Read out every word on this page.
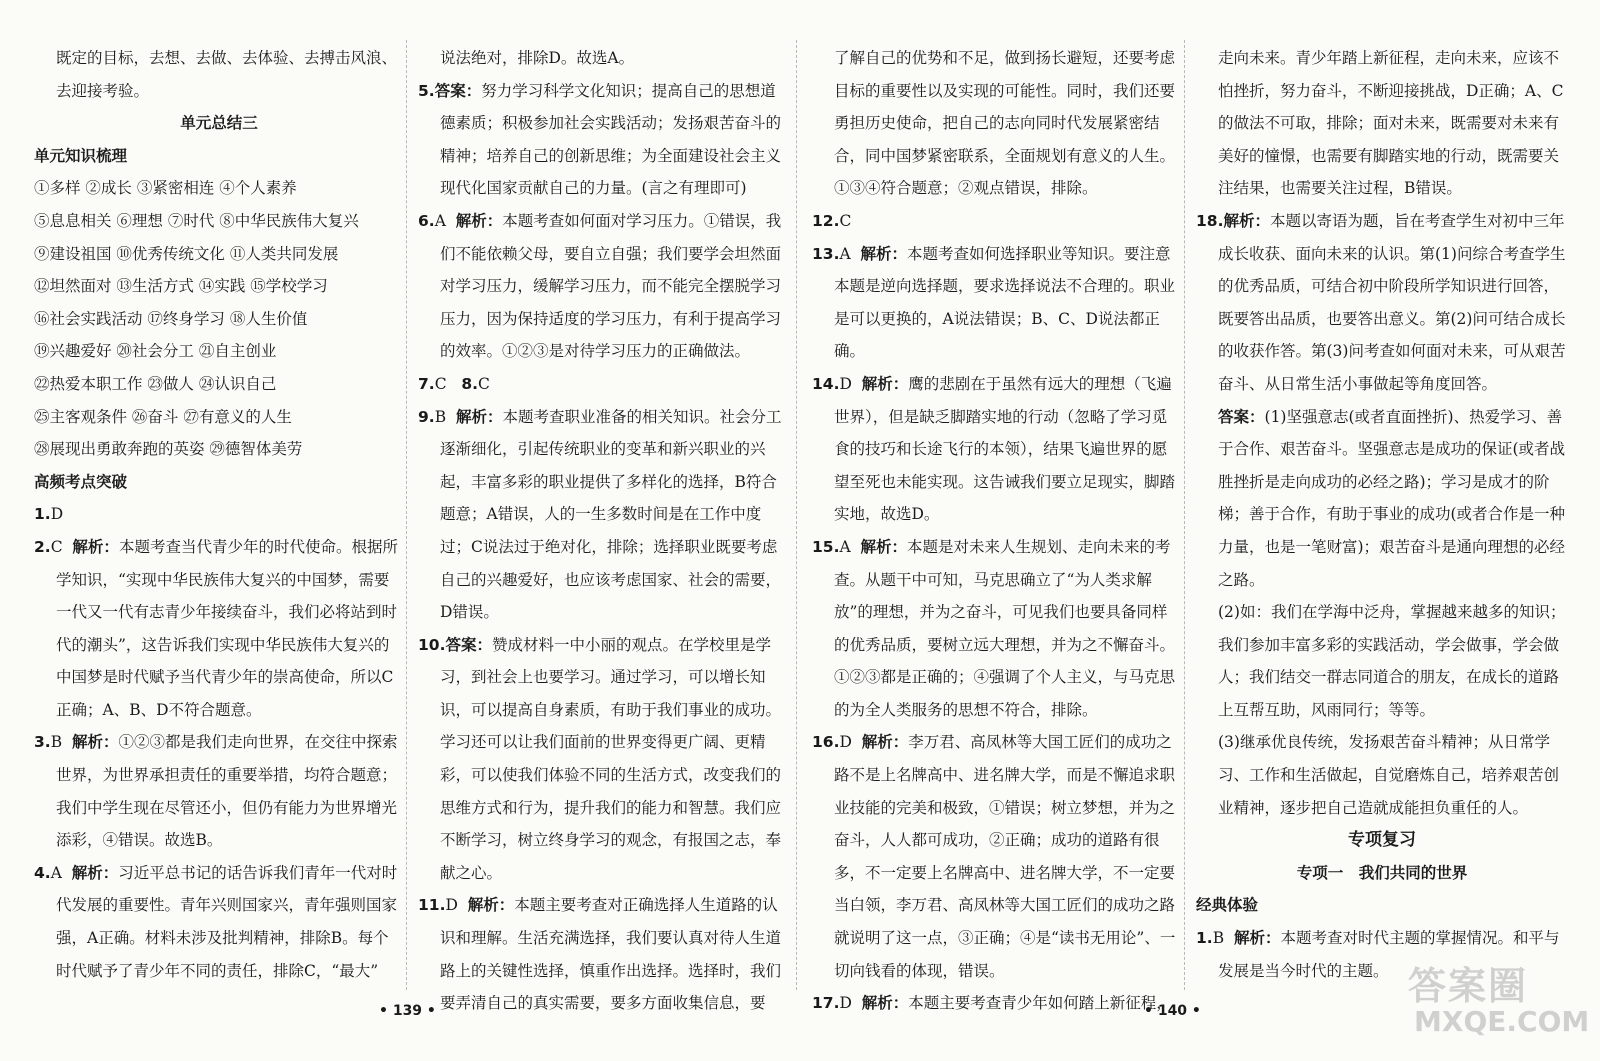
既定的目标，去想、去做、去体验、去搏击风浪、去迎接考验。

单元总结三

单元知识梳理

①多样 ②成长 ③紧密相连 ④个人素养

⑤息息相关 ⑥理想 ⑦时代 ⑧中华民族伟大复兴

⑨建设祖国 ⑩优秀传统文化 ⑪人类共同发展

⑫坦然面对 ⑬生活方式 ⑭实践 ⑮学校学习

⑯社会实践活动 ⑰终身学习 ⑱人生价值

⑲兴趣爱好 ⑳社会分工 ㉑自主创业

㉒热爱本职工作 ㉓做人 ㉔认识自己

㉕主客观条件 ㉖奋斗 ㉗有意义的人生

㉘展现出勇敢奔跑的英姿 ㉙德智体美劳

高频考点突破

1.D

2.C 解析：本题考查当代青少年的时代使命。根据所学知识，“实现中华民族伟大复兴的中国梦，需要一代又一代有志青少年接续奋斗，我们必将站到时代的潮头”，这告诉我们实现中华民族伟大复兴的中国梦是时代赋予当代青少年的崇高使命，所以C正确；A、B、D不符合题意。

3.B 解析：①②③都是我们走向世界，在交往中探索世界，为世界承担责任的重要举措，均符合题意；我们中学生现在尽管还小，但仍有能力为世界增光添彩，④错误。故选B。

4.A 解析：习近平总书记的话告诉我们青年一代对时代发展的重要性。青年兴则国家兴，青年强则国家强，A正确。材料未涉及批判精神，排除B。每个时代赋予了青少年不同的责任，排除C，“最大”

说法绝对，排除D。故选A。

5.答案：努力学习科学文化知识；提高自己的思想道德素质；积极参加社会实践活动；发扬艰苦奋斗的精神；培养自己的创新思维；为全面建设社会主义现代化国家贡献自己的力量。(言之有理即可)

6.A 解析：本题考查如何面对学习压力。①错误，我们不能依赖父母，要自立自强；我们要学会坦然面对学习压力，缓解学习压力，而不能完全摆脱学习压力，因为保持适度的学习压力，有利于提高学习的效率。①②③是对待学习压力的正确做法。

7.C 8.C

9.B 解析：本题考查职业准备的相关知识。社会分工逐渐细化，引起传统职业的变革和新兴职业的兴起，丰富多彩的职业提供了多样化的选择，B符合题意；A错误，人的一生多数时间是在工作中度过；C说法过于绝对化，排除；选择职业既要考虑自己的兴趣爱好，也应该考虑国家、社会的需要，D错误。

10.答案：赞成材料一中小丽的观点。在学校里是学习，到社会上也要学习。通过学习，可以增长知识，可以提高自身素质，有助于我们事业的成功。学习还可以让我们面前的世界变得更广阔、更精彩，可以使我们体验不同的生活方式，改变我们的思维方式和行为，提升我们的能力和智慧。我们应不断学习，树立终身学习的观念，有报国之志，奉献之心。

11.D 解析：本题主要考查对正确选择人生道路的认识和理解。生活充满选择，我们要认真对待人生道路上的关键性选择，慎重作出选择。选择时，我们要弄清自己的真实需要，要多方面收集信息，要

了解自己的优势和不足，做到扬长避短，还要考虑目标的重要性以及实现的可能性。同时，我们还要勇担历史使命，把自己的志向同时代发展紧密结合，同中国梦紧密联系，全面规划有意义的人生。①③④符合题意；②观点错误，排除。

12.C

13.A 解析：本题考查如何选择职业等知识。要注意本题是逆向选择题，要求选择说法不合理的。职业是可以更换的，A说法错误；B、C、D说法都正确。

14.D 解析：鹰的悲剧在于虽然有远大的理想（飞遍世界），但是缺乏脚踏实地的行动（忽略了学习觅食的技巧和长途飞行的本领），结果飞遍世界的愿望至死也未能实现。这告诫我们要立足现实，脚踏实地，故选D。

15.A 解析：本题是对未来人生规划、走向未来的考查。从题干中可知，马克思确立了“为人类求解放”的理想，并为之奋斗，可见我们也要具备同样的优秀品质，要树立远大理想，并为之不懈奋斗。①②③都是正确的；④强调了个人主义，与马克思的为全人类服务的思想不符合，排除。

16.D 解析：李万君、高凤林等大国工匠们的成功之路不是上名牌高中、进名牌大学，而是不懈追求职业技能的完美和极致，①错误；树立梦想，并为之奋斗，人人都可成功，②正确；成功的道路有很多，不一定要上名牌高中、进名牌大学，不一定要当白领，李万君、高凤林等大国工匠们的成功之路就说明了这一点，③正确；④是“读书无用论”、一切向钱看的体现，错误。

17.D 解析：本题主要考查青少年如何踏上新征程，

走向未来。青少年踏上新征程，走向未来，应该不怕挫折，努力奋斗，不断迎接挑战，D正确；A、C的做法不可取，排除；面对未来，既需要对未来有美好的憧憬，也需要有脚踏实地的行动，既需要关注结果，也需要关注过程，B错误。

18.解析：本题以寄语为题，旨在考查学生对初中三年成长收获、面向未来的认识。第(1)问综合考查学生的优秀品质，可结合初中阶段所学知识进行回答，既要答出品质，也要答出意义。第(2)问可结合成长的收获作答。第(3)问考查如何面对未来，可从艰苦奋斗、从日常生活小事做起等角度回答。

答案：(1)坚强意志(或者直面挫折)、热爱学习、善于合作、艰苦奋斗。坚强意志是成功的保证(或者战胜挫折是走向成功的必经之路)；学习是成才的阶梯；善于合作，有助于事业的成功(或者合作是一种力量，也是一笔财富)；艰苦奋斗是通向理想的必经之路。

(2)如：我们在学海中泛舟，掌握越来越多的知识；我们参加丰富多彩的实践活动，学会做事，学会做人；我们结交一群志同道合的朋友，在成长的道路上互帮互助，风雨同行；等等。

(3)继承优良传统，发扬艰苦奋斗精神；从日常学习、工作和生活做起，自觉磨炼自己，培养艰苦创业精神，逐步把自己造就成能担负重任的人。

专项复习

专项一　我们共同的世界

经典体验

1.B 解析：本题考查对时代主题的掌握情况。和平与发展是当今时代的主题。

• 139 •	• 140 •
答案圈
MXQE.COM
